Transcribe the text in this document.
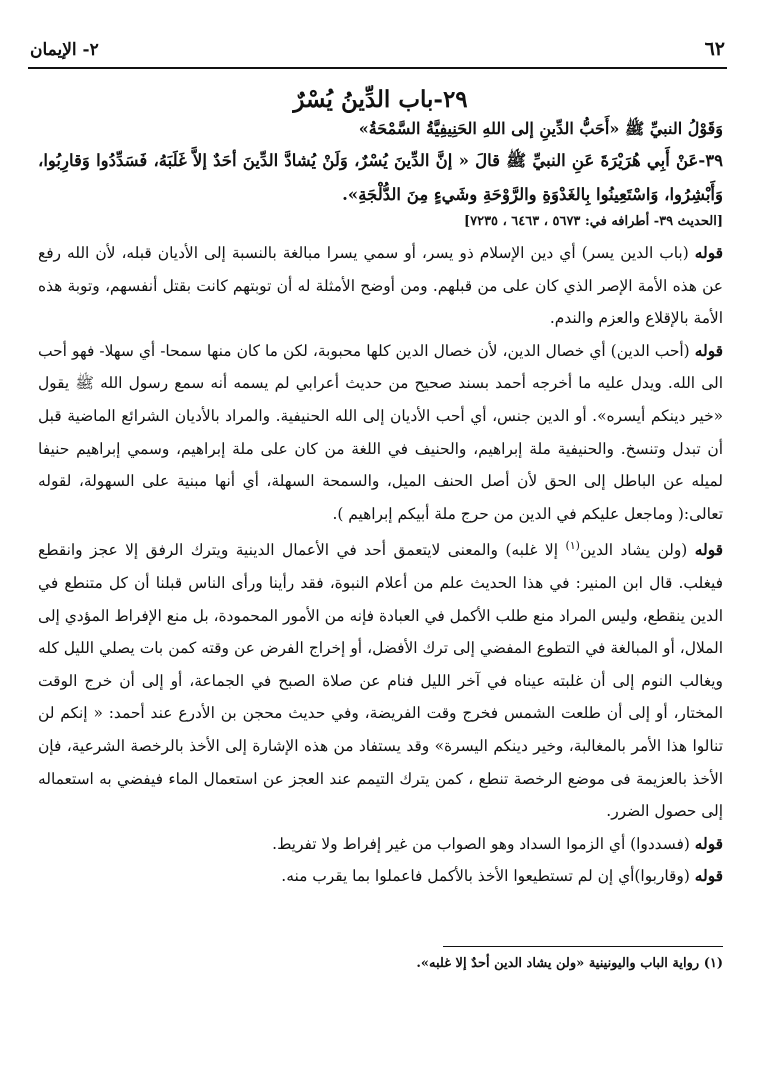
٦٢
٢- الإيمان
٢٩-باب الدِّينُ يُسْرٌ
وَقَوْلُ النبيِّ ﷺ «أَحَبُّ الدِّينِ إلى اللهِ الحَنِيفِيَّةُ السَّمْحَةُ»
٣٩-عَنْ أَبِي هُرَيْرَةَ عَنِ النبيِّ ﷺ قالَ « إنَّ الدِّينَ يُسْرٌ، وَلَنْ يُشادَّ الدِّينَ أحَدٌ إلاَّ غَلَبَهُ، فَسَدِّدُوا وَقارِبُوا، وَأَبْشِرُوا، وَاسْتَعِينُوا بِالغَدْوَةِ والرَّوْحَةِ وشَيءٍ مِنَ الدُّلْجَةِ».
[الحديث ٣٩- أطرافه في: ٥٦٧٣ ، ٦٤٦٣ ، ٧٢٣٥]

قوله (باب الدين يسر) أي دين الإسلام ذو يسر، أو سمي يسرا مبالغة بالنسبة إلى الأديان قبله، لأن الله رفع عن هذه الأمة الإصر الذي كان على من قبلهم. ومن أوضح الأمثلة له أن توبتهم كانت بقتل أنفسهم، وتوبة هذه الأمة بالإقلاع والعزم والندم.

قوله (أحب الدين) أي خصال الدين، لأن خصال الدين كلها محبوبة، لكن ما كان منها سمحا- أي سهلا- فهو أحب الى الله. ويدل عليه ما أخرجه أحمد بسند صحيح من حديث أعرابي لم يسمه أنه سمع رسول الله ﷺ يقول «خير دينكم أيسره». أو الدين جنس، أي أحب الأديان إلى الله الحنيفية. والمراد بالأديان الشرائع الماضية قبل أن تبدل وتنسخ. والحنيفية ملة إبراهيم، والحنيف في اللغة من كان على ملة إبراهيم، وسمي إبراهيم حنيفا لميله عن الباطل إلى الحق لأن أصل الحنف الميل، والسمحة السهلة، أي أنها مبنية على السهولة، لقوله تعالى:( وماجعل عليكم في الدين من حرج ملة أبيكم إبراهيم ).

قوله (ولن يشاد الدين$^{(١)}$ إلا غلبه) والمعنى لايتعمق أحد في الأعمال الدينية ويترك الرفق إلا عجز وانقطع فيغلب. قال ابن المنير: في هذا الحديث علم من أعلام النبوة، فقد رأينا ورأى الناس قبلنا أن كل متنطع في الدين ينقطع، وليس المراد منع طلب الأكمل في العبادة فإنه من الأمور المحمودة، بل منع الإفراط المؤدي إلى الملال، أو المبالغة في التطوع المفضي إلى ترك الأفضل، أو إخراج الفرض عن وقته كمن بات يصلي الليل كله ويغالب النوم إلى أن غلبته عيناه في آخر الليل فنام عن صلاة الصبح في الجماعة، أو إلى أن خرج الوقت المختار، أو إلى أن طلعت الشمس فخرج وقت الفريضة، وفي حديث محجن بن الأدرع عند أحمد: « إنكم لن تنالوا هذا الأمر بالمغالبة، وخير دينكم اليسرة» وقد يستفاد من هذه الإشارة إلى الأخذ بالرخصة الشرعية، فإن الأخذ بالعزيمة فى موضع الرخصة تنطع ، كمن يترك التيمم عند العجز عن استعمال الماء فيفضي به استعماله إلى حصول الضرر.

قوله (فسددوا) أي الزموا السداد وهو الصواب من غير إفراط ولا تفريط.

قوله (وقاربوا)أي إن لم تستطيعوا الأخذ بالأكمل فاعملوا بما يقرب منه.

(١) رواية الباب واليونينية «ولن يشاد الدين أحدٌ إلا غلبه».
